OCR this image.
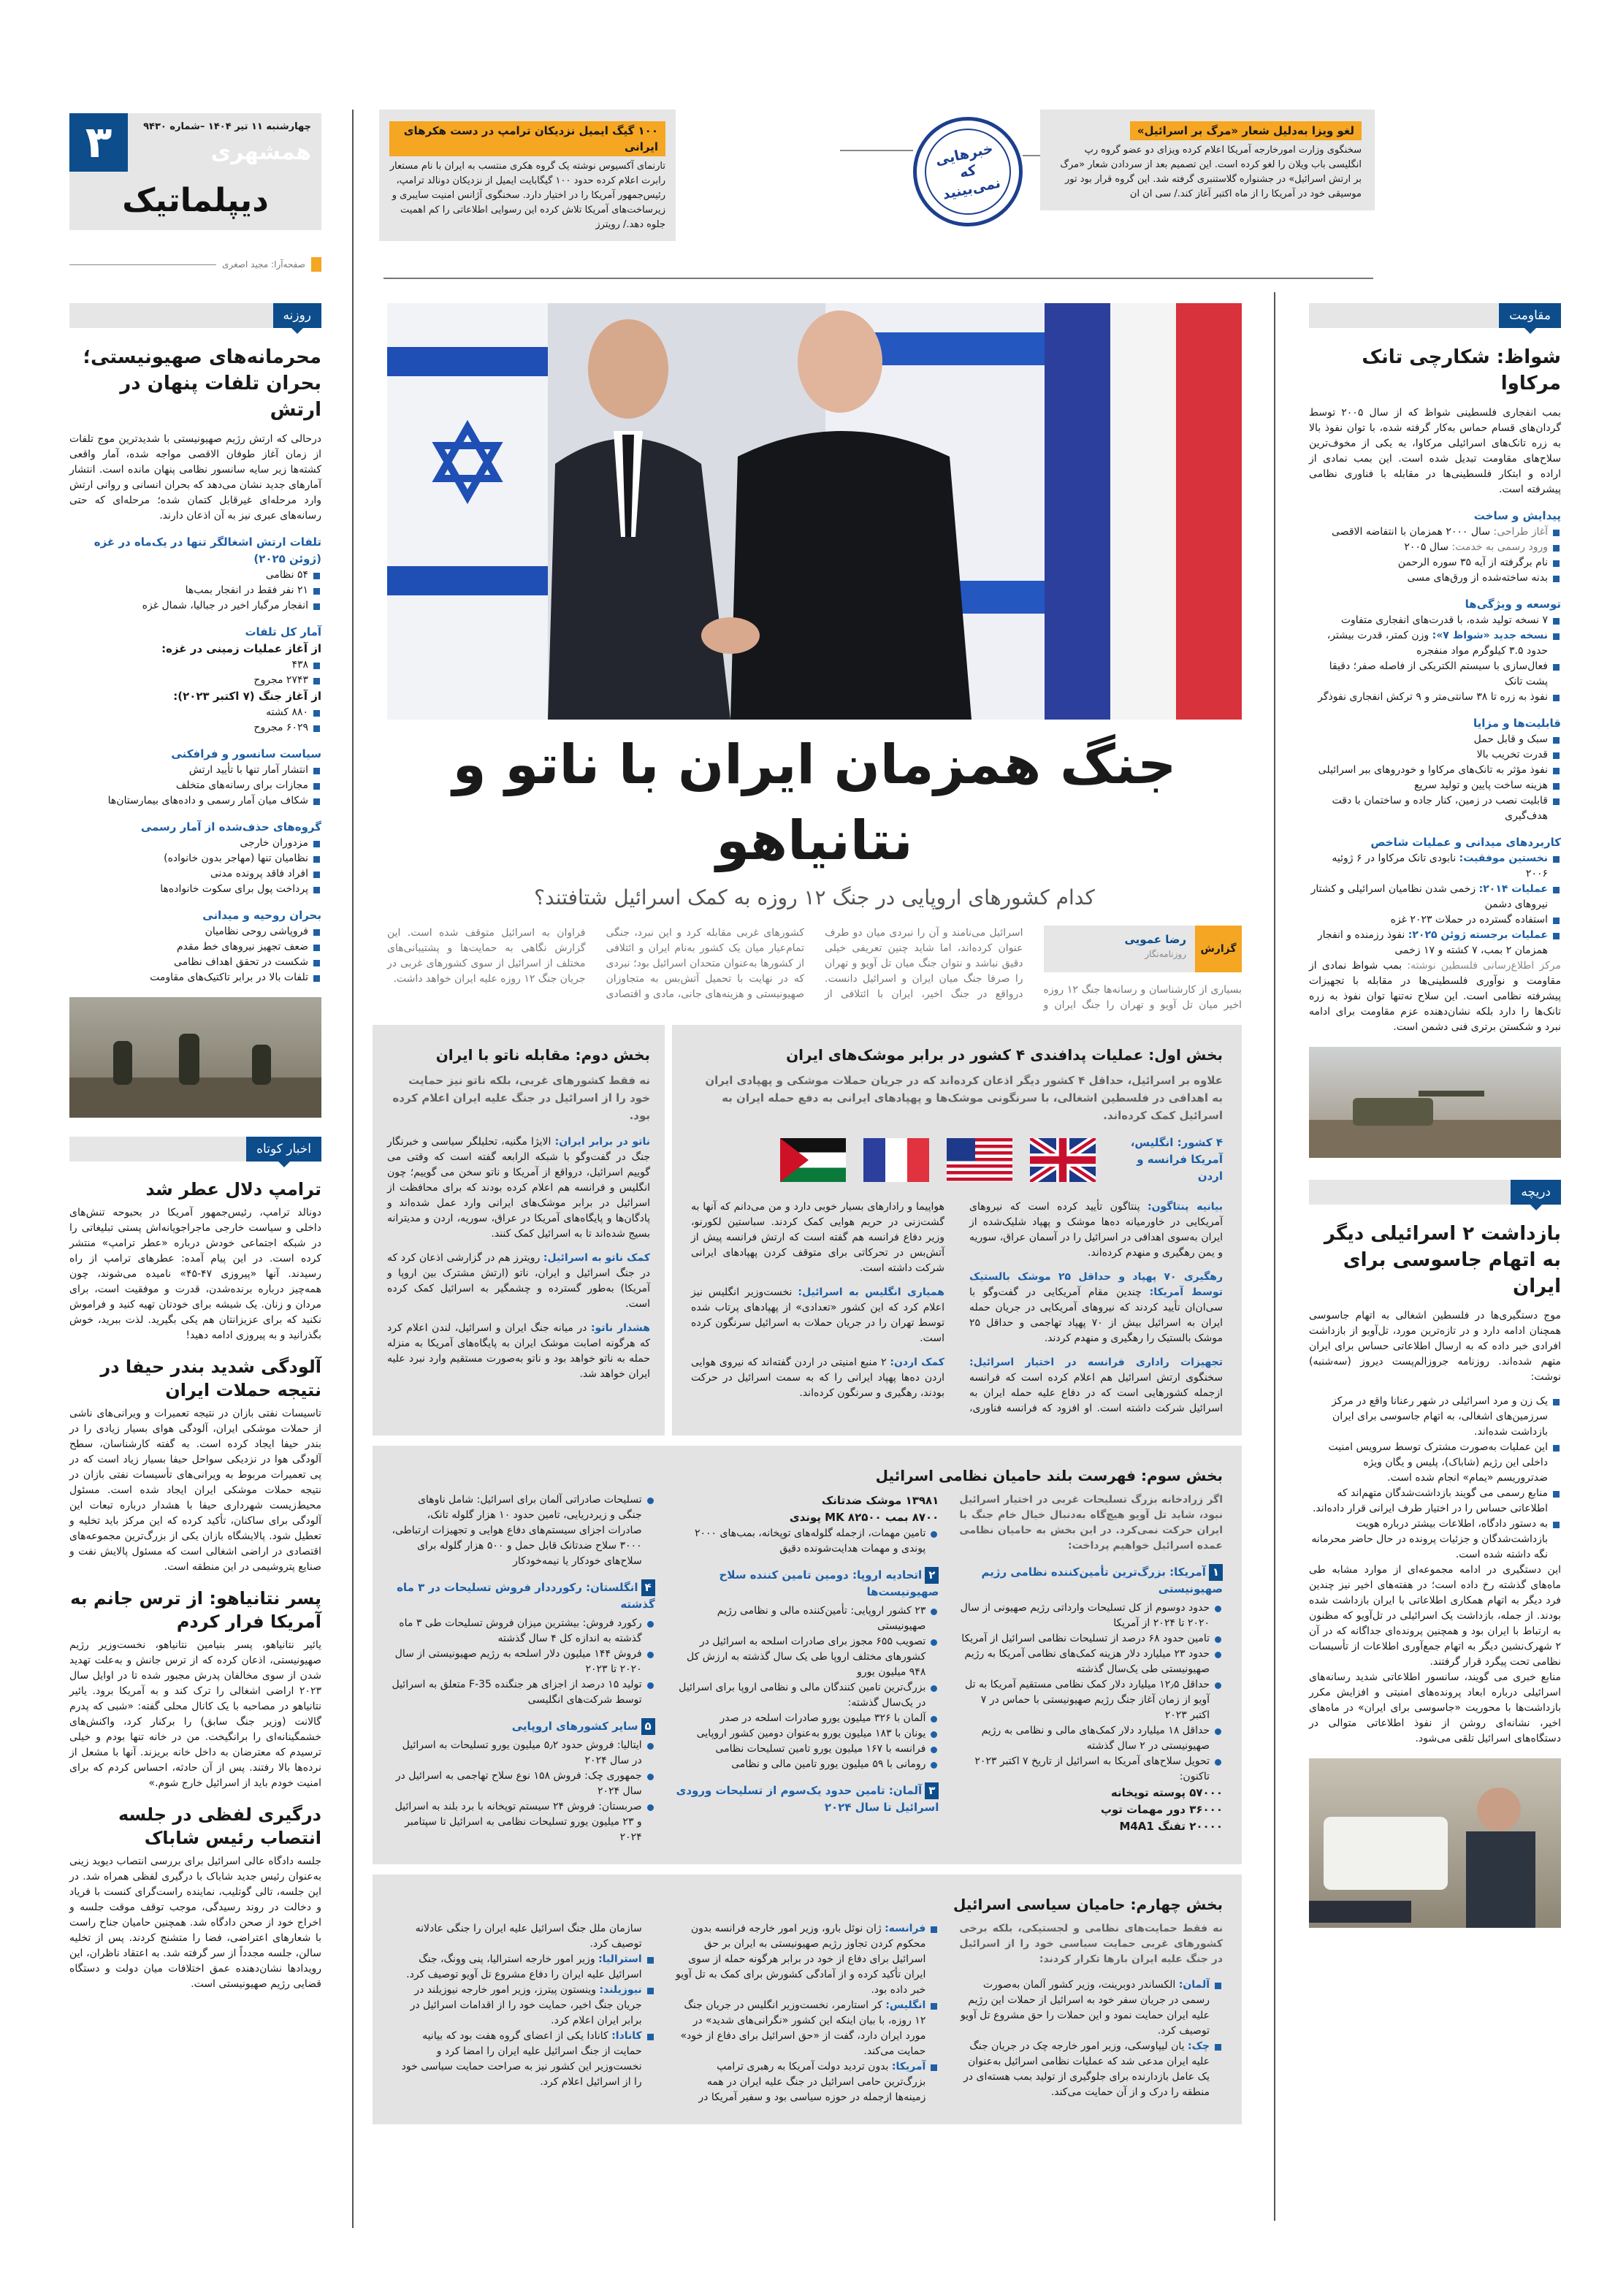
۳	چهارشنبه ۱۱ تیر ۱۴۰۴ –شماره ۹۴۳۰
همشهری
دیپلماتیک
صفحه‌آرا: مجید اصغری
لغو ویزا به‌دلیل شعار «مرگ بر اسرائیل»

سخنگوی وزارت امورخارجه آمریکا اعلام کرده ویزای دو عضو گروه رپ انگلیسی باب ویلان را لغو کرده است. این تصمیم بعد از سردادن شعار «مرگ بر ارتش اسرائیل» در جشنواره گلاستنبری گرفته شد. این گروه قرار بود تور موسیقی خود در آمریکا را از ماه اکتبر آغاز کند./ سی ان ان

۱۰۰ گیگ ایمیل نزدیکان ترامپ در دست هکرهای ایرانی

تارنمای آکسیوس نوشته یک گروه هکری منتسب به ایران با نام مستعار رابرت اعلام کرده حدود ۱۰۰ گیگابایت ایمیل از نزدیکان دونالد ترامپ، رئیس‌جمهور آمریکا را در اختیار دارد. سخنگوی آژانس امنیت سایبری و زیرساخت‌های آمریکا تلاش کرده این رسوایی اطلاعاتی را کم اهمیت جلوه دهد./ رویترز

خبرهایی که نمی‌بینید
جنگ همزمان ایران با ناتو و نتانیاهو
کدام کشورهای اروپایی در جنگ ۱۲ روزه به کمک اسرائیل شتافتند؟
گزارش
رضا عمویی
روزنامه‌نگار

بسیاری از کارشناسان و رسانه‌ها جنگ ۱۲ روزه اخیر میان تل آویو و تهران را جنگ ایران و اسرائیل می‌نامند و آن را نبردی میان دو طرف عنوان کرده‌اند، اما شاید چنین تعریفی خیلی دقیق نباشد و نتوان جنگ میان تل آویو و تهران را صرفا جنگ میان ایران و اسرائیل دانست. درواقع در جنگ اخیر، ایران با ائتلافی از کشورهای غربی مقابله کرد و این نبرد، جنگی تمام‌عیار میان یک کشور به‌نام ایران و ائتلافی از کشورها به‌عنوان متحدان اسرائیل بود؛ نبردی که در نهایت با تحمیل آتش‌بس به متجاوزان صهیونیستی و هزینه‌های جانی، مادی و اقتصادی فراوان به اسرائیل متوقف شده است. این گزارش نگاهی به حمایت‌ها و پشتیبانی‌های مختلف از اسرائیل از سوی کشورهای غربی در جریان جنگ ۱۲ روزه علیه ایران خواهد داشت.

بخش دوم: مقابله ناتو با ایران
نه فقط کشورهای غربی، بلکه ناتو نیز حمایت خود را از اسرائیل در جنگ علیه ایران اعلام کرده بود.

ناتو در برابر ایران: الایژا مگنیه، تحلیلگر سیاسی و خبرنگار جنگ در گفت‌وگو با شبکه الرابعه گفته است که وقتی می گوییم اسرائیل، درواقع از آمریکا و ناتو سخن می گوییم؛ چون انگلیس و فرانسه هم اعلام کرده بودند که برای محافظت از اسرائیل در برابر موشک‌های ایرانی وارد عمل شده‌اند و پادگان‌ها و پایگاه‌های آمریکا در عراق، سوریه، اردن و مدیترانه بسیج شده‌اند تا به اسرائیل کمک کنند.

کمک ناتو به اسرائیل: رویترز هم در گزارشی اذعان کرد که در جنگ اسرائیل و ایران، ناتو (ارتش مشترک بین اروپا و آمریکا) به‌طور گسترده و چشمگیر به اسرائیل کمک کرده است.

هشدار ناتو: در میانه جنگ ایران و اسرائیل، لندن اعلام کرد که هرگونه اصابت موشک ایران به پایگاه‌های آمریکا به منزله حمله به ناتو خواهد بود و ناتو به‌صورت مستقیم وارد نبرد علیه ایران خواهد شد.

بخش اول: عملیات پدافندی ۴ کشور در برابر موشک‌های ایران
علاوه بر اسرائیل، حداقل ۴ کشور دیگر اذعان کرده‌اند که در جریان حملات موشکی و پهپادی ایران به اهدافی در فلسطین اشغالی، با سرنگونی موشک‌ها و پهپادهای ایرانی به دفع حمله ایران به اسرائیل کمک کرده‌اند.
۴ کشور: انگلیس، آمریکا فرانسه و اردن

بیانیه پنتاگون: پنتاگون تأیید کرده است که نیروهای آمریکایی در خاورمیانه ده‌ها موشک و پهپاد شلیک‌شده از ایران به‌سوی اهدافی در اسرائیل را در آسمان عراق، سوریه و یمن رهگیری و منهدم کرده‌اند.

رهگیری ۷۰ پهپاد و حداقل ۲۵ موشک بالستیک توسط آمریکا: چندین مقام آمریکایی در گفت‌وگو با سی‌ان‌ان تأیید کردند که نیروهای آمریکایی در جریان حمله ایران به اسرائیل بیش از ۷۰ پهپاد تهاجمی و حداقل ۲۵ موشک بالستیک را رهگیری و منهدم کردند.

تجهیزات راداری فرانسه در اختیار اسرائیل: سخنگوی ارتش اسرائیل هم اعلام کرده است که فرانسه ازجمله کشورهایی است که در دفاع علیه حمله ایران به اسرائیل شرکت داشته است. او افزود که فرانسه فناوری، هواپیما و رادارهای بسیار خوبی دارد و من می‌دانم که آنها به گشت‌زنی در حریم هوایی کمک کردند. سباستین لکورنو، وزیر دفاع فرانسه هم گفته است که ارتش فرانسه پیش از آتش‌بس در تحرکاتی برای متوقف کردن پهپادهای ایرانی شرکت داشته است.

همیاری انگلیس به اسرائیل: نخست‌وزیر انگلیس نیز اعلام کرد که این کشور «تعدادی» از پهپادهای پرتاب شده توسط تهران را در جریان حملات به اسرائیل سرنگون کرده است.

کمک اردن: ۲ منبع امنیتی در اردن گفته‌اند که نیروی هوایی اردن ده‌ها پهپاد ایرانی را که به سمت اسرائیل در حرکت بودند، رهگیری و سرنگون کرده‌اند.

بخش سوم: فهرست بلند حامیان نظامی اسرائیل

اگر زرادخانه بزرگ تسلیحات غربی در اختیار اسرائیل نبود، شاید تل آویو هیچ‌گاه به‌دنبال خیال خام جنگ با ایران حرکت نمی‌کرد. در این بخش به حامیان نظامی عمده اسرائیل خواهیم پرداخت:

۱آمریکا: بزرگ‌ترین تأمین‌کننده نظامی رژیم صهیونیستی
حدود دوسوم از کل تسلیحات وارداتی رژیم صهیونی از سال ۲۰۲۰ تا ۲۰۲۴ از آمریکا
تامین حدود ۶۸ درصد از تسلیحات نظامی اسرائیل از آمریکا
حدود ۲۳ میلیارد دلار هزینه کمک‌های نظامی آمریکا به رژیم صهیونیستی طی یک‌سال گذشته
حداقل ۱۲٫۵ میلیارد دلار کمک نظامی مستقیم آمریکا به تل آویو از زمان آغاز جنگ رژیم صهیونیستی با حماس در ۷ اکتبر ۲۰۲۳
حداقل ۱۸ میلیارد دلار کمک‌های مالی و نظامی به رژیم صهیونیستی در ۲ سال گذشته
تحویل سلاح‌های آمریکا به اسرائیل از تاریخ ۷ اکتبر ۲۰۲۳ تاکنون:
۵۷۰۰۰ پوسته توپخانه
۳۶۰۰۰ دور مهمات توپ
۲۰۰۰۰ تفنگ M4A1
۱۳۹۸۱ موشک ضدتانک
۸۷۰۰ بمب MK ۸۲۵۰۰ پوندی
تامین مهمات، ازجمله گلوله‌های توپخانه، بمب‌های ۲۰۰۰ پوندی و مهمات هدایت‌شونده دقیق
۲اتحادیه اروپا: دومین تامین کننده سلاح صهیونیست‌ها
۲۳ کشور اروپایی: تأمین‌کننده مالی و نظامی رژیم صهیونیستی
تصویب ۶۵۵ مجوز برای صادرات اسلحه به اسرائیل در کشورهای مختلف اروپا طی یک سال گذشته به ارزش کل ۹۴۸ میلیون یورو
بزرگ‌ترین تامین کنندگان مالی و نظامی اروپا برای اسرائیل در یک‌سال گذشته:
آلمان با ۳۲۶ میلیون یورو صادرات اسلحه در صدر
یونان با ۱۸۳ میلیون یورو به‌عنوان دومین کشور اروپایی
فرانسه با ۱۶۷ میلیون یورو تامین تسلیحات نظامی
رومانی با ۵۹ میلیون یورو تامین مالی و نظامی
۳آلمان: تامین حدود یک‌سوم از تسلیحات ورودی اسرائیل تا سال ۲۰۲۴
تسلیحات صادراتی آلمان برای اسرائیل: شامل ناوهای جنگی و زیردریایی، تامین حدود ۱۰ هزار گلوله تانک، صادرات اجزای سیستم‌های دفاع هوایی و تجهیزات ارتباطی، ۳۰۰۰ سلاح ضدتانک قابل حمل و ۵۰۰ هزار گلوله برای سلاح‌های خودکار یا نیمه‌خودکار
۴انگلستان: رکورددار فروش تسلیحات در ۳ ماه گذشته
رکورد فروش: بیشترین میزان فروش تسلیحات طی ۳ ماه گذشته به اندازه کل ۴ سال گذشته
فروش ۱۴۴ میلیون دلار اسلحه به رژیم صهیونیستی از سال ۲۰۲۰ تا ۲۰۲۳
تولید ۱۵ درصد از اجزای هر جنگنده F-35 متعلق به اسرائیل توسط شرکت‌های انگلیسی
۵سایر کشورهای اروپایی
ایتالیا: فروش حدود ۵٫۲ میلیون یورو تسلیحات به اسرائیل در سال ۲۰۲۴
جمهوری چک: فروش ۱۵۸ نوع سلاح تهاجمی به اسرائیل در سال ۲۰۲۴
صربستان: فروش ۲۴ سیستم توپخانه با برد بلند به اسرائیل و ۲۳ میلیون یورو تسلیحات نظامی به اسرائیل تا سپتامبر ۲۰۲۴
بخش چهارم: حامیان سیاسی اسرائیل

نه فقط حمایت‌های نظامی و لجستیکی، بلکه برخی کشورهای غربی حمایت سیاسی خود را از اسرائیل در جنگ علیه ایران بارها تکرار کردند:

آلمان: الکساندر دوبرینت، وزیر کشور آلمان به‌صورت رسمی در جریان سفر خود به اسرائیل از حملات این رژیم علیه ایران حمایت نمود و این حملات را حق مشروع تل آویو توصیف کرد.
چک: یان لیپاوسکی، وزیر امور خارجه چک در جریان جنگ علیه ایران مدعی شد که عملیات نظامی اسرائیل به‌عنوان یک عامل بازدارنده برای جلوگیری از تولید بمب هسته‌ای در منطقه را درک و از آن حمایت می‌کند.
فرانسه: ژان نوئل بارو، وزیر امور خارجه فرانسه بدون محکوم کردن تجاوز رژیم صهیونیستی به ایران بر حق اسرائیل برای دفاع از خود در برابر هرگونه حمله از سوی ایران تأکید کرده و از آمادگی کشورش برای کمک به تل آویو خبر داده بود.
انگلیس: کر استارمر، نخست‌وزیر انگلیس در جریان جنگ ۱۲ روزه، با بیان اینکه این کشور «نگرانی‌های شدید» در مورد ایران دارد، گفت از «حق اسرائیل برای دفاع از خود» حمایت می‌کند.
آمریکا: بدون تردید دولت آمریکا به رهبری ترامپ بزرگ‌ترین حامی اسرائیل در جنگ علیه ایران در همه زمینه‌ها ازجمله در حوزه سیاسی بود و سفیر آمریکا در سازمان ملل جنگ اسرائیل علیه ایران را جنگی عادلانه توصیف کرد.
استرالیا: وزیر امور خارجه استرالیا، پنی وونگ، جنگ اسرائیل علیه ایران را دفاع مشروع تل آویو توصیف کرد.
نیوزیلند: وینستون پیترز، وزیر امور خارجه نیوزیلند در جریان جنگ اخیر، حمایت خود را از اقدامات اسرائیل در برابر ایران اعلام کرد.
کانادا: کانادا یکی از اعضای گروه هفت بود که بیانیه حمایت از جنگ اسرائیل علیه ایران را امضا کرد و نخست‌وزیر این کشور نیز به صراحت حمایت سیاسی خود را از اسرائیل اعلام کرد.
روزنه
محرمانه‌های صهیونیستی؛ بحران تلفات پنهان در ارتش

درحالی که ارتش رژیم صهیونیستی با شدیدترین موج تلفات از زمان آغاز طوفان الاقصی مواجه شده، آمار واقعی کشته‌ها زیر سایه سانسور نظامی پنهان مانده است. انتشار آمارهای جدید نشان می‌دهد که بحران انسانی و روانی ارتش وارد مرحله‌ای غیرقابل کتمان شده؛ مرحله‌ای که حتی رسانه‌های عبری نیز به آن اذعان دارند.

تلفات ارتش اشغالگر تنها در یک‌ماه در غزه (ژوئن ۲۰۲۵)
۵۴ نظامی
۲۱ نفر فقط در انفجار بمب‌ها
انفجار مرگبار اخیر در جبالیا، شمال غزه
آمار کل تلفات
از آغاز عملیات زمینی در غزه:
۴۳۸
۲۷۴۳ مجروح
از آغاز جنگ (۷ اکتبر ۲۰۲۳):
۸۸۰ کشته
۶۰۲۹ مجروح
سیاست سانسور و فرافکنی
انتشار آمار تنها با تأیید ارتش
مجازات برای رسانه‌های متخلف
شکاف میان آمار رسمی و داده‌های بیمارستان‌ها
گروه‌های حذف‌شده از آمار رسمی
مزدوران خارجی
نظامیان تنها (مهاجر بدون خانواده)
افراد فاقد پرونده مدنی
پرداخت پول برای سکوت خانواده‌ها
بحران روحیه و میدانی
فروپاشی روحی نظامیان
ضعف تجهیز نیروهای خط مقدم
شکست در تحقق اهداف نظامی
تلفات بالا در برابر تاکتیک‌های مقاومت
اخبار کوتاه
ترامپ دلال عطر شد

دونالد ترامپ، رئیس‌جمهور آمریکا در بحبوحه تنش‌های داخلی و سیاست خارجی ماجراجویانه‌اش پستی تبلیغاتی را در شبکه اجتماعی خودش درباره «عطر ترامپ» منتشر کرده است. در این پیام آمده: عطرهای ترامپ از راه رسیدند. آنها «پیروزی ۴۷-۴۵» نامیده می‌شوند، چون همه‌چیز درباره برنده‌شدن، قدرت و موفقیت است، برای مردان و زنان. یک شیشه برای خودتان تهیه کنید و فراموش نکنید که برای عزیزانتان هم یکی بگیرید. لذت ببرید، خوش بگذرانید و به پیروزی ادامه دهید!

آلودگی شدید بندر حیفا در نتیجه حملات ایران

تاسیسات نفتی بازان در نتیجه تعمیرات و ویرانی‌های ناشی از حملات موشکی ایران، آلودگی هوای بسیار زیادی را در بندر حیفا ایجاد کرده است. به گفته کارشناسان، سطح آلودگی هوا در نزدیکی سواحل حیفا بسیار زیاد است که در پی تعمیرات مربوط به ویرانی‌های تأسیسات نفتی بازان در نتیجه حملات موشکی ایران ایجاد شده است. مسئول محیط‌زیست شهرداری حیفا با هشدار درباره تبعات این آلودگی برای ساکنان، تأکید کرده که این مرکز باید تخلیه و تعطیل شود. پالایشگاه بازان یکی از بزرگ‌ترین مجموعه‌های اقتصادی در اراضی اشغالی است که مسئول پالایش نفت و صنایع پتروشیمی در این منطقه است.

پسر نتانیاهو: از ترس جانم به آمریکا فرار کردم

یائیر نتانیاهو، پسر بنیامین نتانیاهو، نخست‌وزیر رژیم صهیونیستی، اذعان کرده که از ترس جانش و به‌علت تهدید شدن از سوی مخالفان پدرش مجبور شده تا در اوایل سال ۲۰۲۳ اراضی اشغالی را ترک کند و به آمریکا برود. یائیر نتانیاهو در مصاحبه با یک کانال محلی گفته: «شبی که پدرم گالانت (وزیر جنگ سابق) را برکنار کرد، واکنش‌های خشمگینانه‌ای را برانگیخت. من در خانه تنها بودم و خیلی ترسیدم که معترضان به داخل خانه بریزند. آنها با مشعل از نرده‌ها بالا رفتند. پس از آن حادثه، احساس کردم که برای امنیت خودم باید از اسرائیل خارج شوم.»

درگیری لفظی در جلسه انتصاب رئیس شاباک

جلسه دادگاه عالی اسرائیل برای بررسی انتصاب دیوید زینی به‌عنوان رئیس جدید شاباک با درگیری لفظی همراه شد. در این جلسه، تالی گوتلیب، نماینده راست‌گرای کنست با فریاد و دخالت در روند رسیدگی، موجب توقف موقت جلسه و اخراج خود از صحن دادگاه شد. همچنین حامیان جناح راست با شعارهای اعتراضی، فضا را متشنج کردند. پس از تخلیه سالن، جلسه مجدداً از سر گرفته شد. به اعتقاد ناظران، این رویدادها نشان‌دهنده عمق اختلافات میان دولت و دستگاه قضایی رژیم صهیونیستی است.

مقاومت
شواظ: شکارچی تانک مرکاوا

بمب انفجاری فلسطینی شواظ که از سال ۲۰۰۵ توسط گردان‌های قسام حماس به‌کار گرفته شده، با توان نفوذ بالا به زره تانک‌های اسرائیلی مرکاوا، به یکی از مخوف‌ترین سلاح‌های مقاومت تبدیل شده است. این بمب نمادی از اراده و ابتکار فلسطینی‌ها در مقابله با فناوری نظامی پیشرفته است.

پیدایش و ساخت
آغاز طراحی: سال ۲۰۰۰ همزمان با انتفاضه الاقصی
ورود رسمی به خدمت: سال ۲۰۰۵
نام برگرفته از آیه ۳۵ سوره الرحمن
بدنه ساخته‌شده از ورق‌های مسی
توسعه و ویژگی‌ها
۷ نسخه تولید شده، با قدرت‌های انفجاری متفاوت
نسخه جدید «شواظ ۷»: وزن کمتر، قدرت بیشتر، حدود ۳.۵ کیلوگرم مواد منفجره
فعال‌سازی با سیستم الکتریکی از فاصله صفر؛ دقیقا پشت تانک
نفوذ به زره تا ۳۸ سانتی‌متر و ۹ ترکش انفجاری نفوذگر
قابلیت‌ها و مزایا
سبک و قابل حمل
قدرت تخریب بالا
نفوذ مؤثر به تانک‌های مرکاوا و خودروهای ببر اسرائیلی
هزینه ساخت پایین و تولید سریع
قابلیت نصب در زمین، کنار جاده و ساختمان با دقت هدف‌گیری
کاربردهای میدانی و عملیات شاخص
نخستین موفقیت: نابودی تانک مرکاوا در ۶ ژوئیه ۲۰۰۶
عملیات ۲۰۱۴: زخمی شدن نظامیان اسرائیلی و کشتار نیروهای دشمن
استفاده گسترده در حملات ۲۰۲۳ غزه
عملیات برجسته ژوئن ۲۰۲۵: نفوذ رزمنده و انفجار همزمان ۲ بمب، ۷ کشته و ۱۷ زخمی

مرکز اطلاع‌رسانی فلسطین نوشته: بمب شواظ نمادی از مقاومت و نوآوری فلسطینی‌ها در مقابله با تجهیزات پیشرفته نظامی است. این سلاح نه‌تنها توان نفوذ به زره تانک‌ها را دارد بلکه نشان‌دهنده عزم مقاومت برای ادامه نبرد و شکستن برتری فنی دشمن است.

دریچه
بازداشت ۲ اسرائیلی دیگر به اتهام جاسوسی برای ایران

موج دستگیری‌ها در فلسطین اشغالی به اتهام جاسوسی همچنان ادامه دارد و در تازه‌ترین مورد، تل‌آویو از بازداشت افرادی خبر داده که به ارسال اطلاعاتی حساس برای ایران متهم شده‌اند. روزنامه جروزالم‌پست دیروز (سه‌شنبه) نوشت:

یک زن و مرد اسرائیلی در شهر رعنانا واقع در مرکز سرزمین‌های اشغالی، به اتهام جاسوسی برای ایران بازداشت شده‌اند.
این عملیات به‌صورت مشترک توسط سرویس امنیت داخلی این رژیم (شاباک)، پلیس و یگان ویژه ضدتروریسم «یمام» انجام شده است.
منابع رسمی می گویند بازداشت‌شدگان متهم‌اند که اطلاعاتی حساس را در اختیار طرف ایرانی قرار داده‌اند.
به دستور دادگاه، اطلاعات بیشتر درباره هویت بازداشت‌شدگان و جزئیات پرونده در حال حاضر محرمانه نگه داشته شده است.

این دستگیری در ادامه مجموعه‌ای از موارد مشابه طی ماه‌های گذشته رخ داده است؛ در هفته‌های اخیر نیز چندین فرد دیگر به اتهام همکاری اطلاعاتی با ایران بازداشت شده بودند. از جمله، بازداشت یک اسرائیلی در تل‌آویو که مظنون به ارتباط با ایران بود و همچنین پرونده‌ای جداگانه که در آن ۲ شهرک‌نشین دیگر به اتهام جمع‌آوری اطلاعات از تأسیسات نظامی تحت پیگرد قرار گرفتند.

منابع خبری می گویند، سانسور اطلاعاتی شدید رسانه‌های اسرائیلی درباره ابعاد پرونده‌های امنیتی و افزایش مکرر بازداشت‌ها با محوریت «جاسوسی برای ایران» در ماه‌های اخیر، نشانه‌ای روشن از نفوذ اطلاعاتی متوالی در دستگاه‌های اسرائیل تلقی می‌شود.
